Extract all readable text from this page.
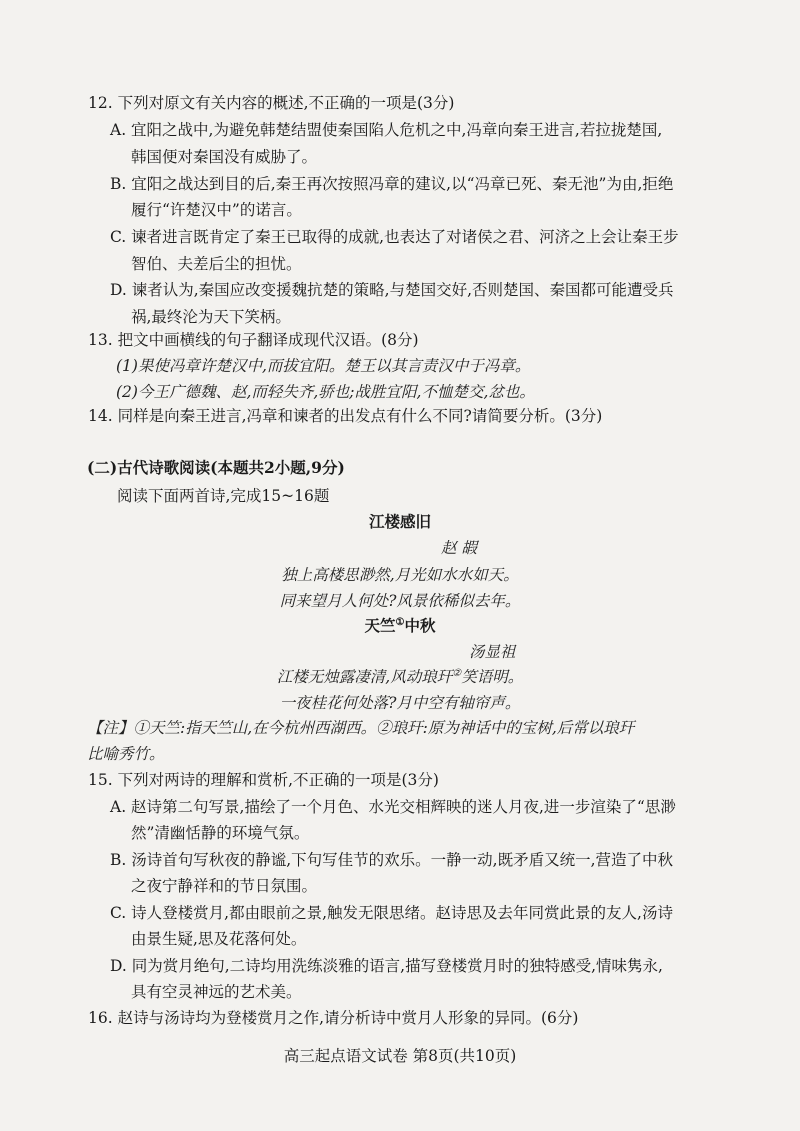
12. 下列对原文有关内容的概述,不正确的一项是(3分)
A. 宜阳之战中,为避免韩楚结盟使秦国陷人危机之中,冯章向秦王进言,若拉拢楚国,
韩国便对秦国没有威胁了。
B. 宜阳之战达到目的后,秦王再次按照冯章的建议,以“冯章已死、秦无池”为由,拒绝
履行“许楚汉中”的诺言。
C. 谏者进言既肯定了秦王已取得的成就,也表达了对诸侯之君、河济之上会让秦王步
智伯、夫差后尘的担忧。
D. 谏者认为,秦国应改变援魏抗楚的策略,与楚国交好,否则楚国、秦国都可能遭受兵
祸,最终沦为天下笑柄。
13. 把文中画横线的句子翻译成现代汉语。(8分)
(1)果使冯章许楚汉中,而拔宜阳。楚王以其言责汉中于冯章。
(2)今王广德魏、赵,而轻失齐,骄也;战胜宜阳,不恤楚交,忿也。
14. 同样是向秦王进言,冯章和谏者的出发点有什么不同?请简要分析。(3分)
(二)古代诗歌阅读(本题共2小题,9分)
阅读下面两首诗,完成15~16题
江楼感旧
赵 嘏
独上高楼思渺然,月光如水水如天。
同来望月人何处?风景依稀似去年。
天竺①中秋
汤显祖
江楼无烛露凄清,风动琅玕②笑语明。
一夜桂花何处落?月中空有轴帘声。
【注】①天竺:指天竺山,在今杭州西湖西。②琅玕:原为神话中的宝树,后常以琅玕
比喻秀竹。
15. 下列对两诗的理解和赏析,不正确的一项是(3分)
A. 赵诗第二句写景,描绘了一个月色、水光交相辉映的迷人月夜,进一步渲染了“思渺
然”清幽恬静的环境气氛。
B. 汤诗首句写秋夜的静谧,下句写佳节的欢乐。一静一动,既矛盾又统一,营造了中秋
之夜宁静祥和的节日氛围。
C. 诗人登楼赏月,都由眼前之景,触发无限思绪。赵诗思及去年同赏此景的友人,汤诗
由景生疑,思及花落何处。
D. 同为赏月绝句,二诗均用洗练淡雅的语言,描写登楼赏月时的独特感受,情味隽永,
具有空灵神远的艺术美。
16. 赵诗与汤诗均为登楼赏月之作,请分析诗中赏月人形象的异同。(6分)
高三起点语文试卷 第8页(共10页)
